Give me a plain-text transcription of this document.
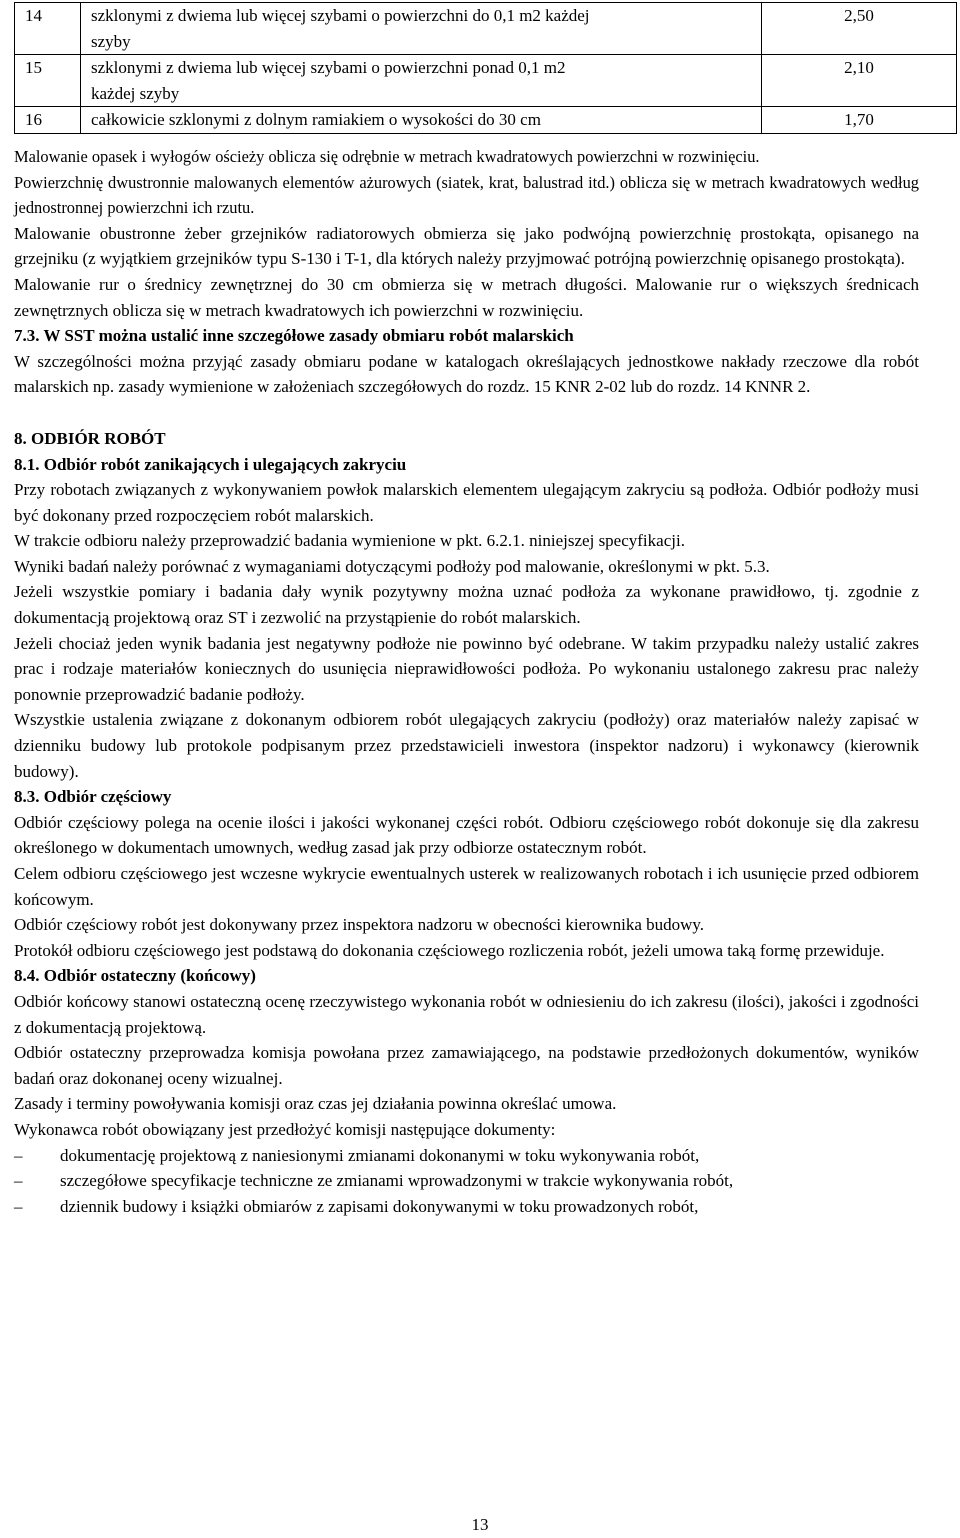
14	szklonymi z dwiema lub więcej szybami o powierzchni do 0,1 m2 każdej szyby	2,50
15	szklonymi z dwiema lub więcej szybami o powierzchni ponad 0,1 m2 każdej szyby	2,10
16	całkowicie szklonymi z dolnym ramiakiem o wysokości do 30 cm	1,70

Malowanie opasek i wyłogów ościeży oblicza się odrębnie w metrach kwadratowych powierzchni w rozwinięciu.

Powierzchnię dwustronnie malowanych elementów ażurowych (siatek, krat, balustrad itd.) oblicza się w metrach kwadratowych według jednostronnej powierzchni ich rzutu.

Malowanie obustronne żeber grzejników radiatorowych obmierza się jako podwójną powierzchnię prostokąta, opisanego na grzejniku (z wyjątkiem grzejników typu S-130 i T-1, dla których należy przyjmować potrójną powierzchnię opisanego prostokąta).

Malowanie rur o średnicy zewnętrznej do 30 cm obmierza się w metrach długości. Malowanie rur o większych średnicach zewnętrznych oblicza się w metrach kwadratowych ich powierzchni w rozwinięciu.

7.3. W SST można ustalić inne szczegółowe zasady obmiaru robót malarskich

W szczególności można przyjąć zasady obmiaru podane w katalogach określających jednostkowe nakłady rzeczowe dla robót malarskich np. zasady wymienione w założeniach szczegółowych do rozdz. 15 KNR 2-02 lub do rozdz. 14 KNNR 2.

8. ODBIÓR ROBÓT
8.1. Odbiór robót zanikających i ulegających zakryciu

Przy robotach związanych z wykonywaniem powłok malarskich elementem ulegającym zakryciu są podłoża. Odbiór podłoży musi być dokonany przed rozpoczęciem robót malarskich.

W trakcie odbioru należy przeprowadzić badania wymienione w pkt. 6.2.1. niniejszej specyfikacji.

Wyniki badań należy porównać z wymaganiami dotyczącymi podłoży pod malowanie, określonymi w pkt. 5.3.

Jeżeli wszystkie pomiary i badania dały wynik pozytywny można uznać podłoża za wykonane prawidłowo, tj. zgodnie z dokumentacją projektową oraz ST i zezwolić na przystąpienie do robót malarskich.

Jeżeli chociaż jeden wynik badania jest negatywny podłoże nie powinno być odebrane. W takim przypadku należy ustalić zakres prac i rodzaje materiałów koniecznych do usunięcia nieprawidłowości podłoża. Po wykonaniu ustalonego zakresu prac należy ponownie przeprowadzić badanie podłoży.

Wszystkie ustalenia związane z dokonanym odbiorem robót ulegających zakryciu (podłoży) oraz materiałów należy zapisać w dzienniku budowy lub protokole podpisanym przez przedstawicieli inwestora (inspektor nadzoru) i wykonawcy (kierownik budowy).

8.3. Odbiór częściowy

Odbiór częściowy polega na ocenie ilości i jakości wykonanej części robót. Odbioru częściowego robót dokonuje się dla zakresu określonego w dokumentach umownych, według zasad jak przy odbiorze ostatecznym robót.

Celem odbioru częściowego jest wczesne wykrycie ewentualnych usterek w realizowanych robotach i ich usunięcie przed odbiorem końcowym.

Odbiór częściowy robót jest dokonywany przez inspektora nadzoru w obecności kierownika budowy.

Protokół odbioru częściowego jest podstawą do dokonania częściowego rozliczenia robót, jeżeli umowa taką formę przewiduje.

8.4. Odbiór ostateczny (końcowy)

Odbiór końcowy stanowi ostateczną ocenę rzeczywistego wykonania robót w odniesieniu do ich zakresu (ilości), jakości i zgodności z dokumentacją projektową.

Odbiór ostateczny przeprowadza komisja powołana przez zamawiającego, na podstawie przedłożonych dokumentów, wyników badań oraz dokonanej oceny wizualnej.

Zasady i terminy powoływania komisji oraz czas jej działania powinna określać umowa.

Wykonawca robót obowiązany jest przedłożyć komisji następujące dokumenty:

– dokumentację projektową z naniesionymi zmianami dokonanymi w toku wykonywania robót,
– szczegółowe specyfikacje techniczne ze zmianami wprowadzonymi w trakcie wykonywania robót,
– dziennik budowy i książki obmiarów z zapisami dokonywanymi w toku prowadzonych robót,
13
